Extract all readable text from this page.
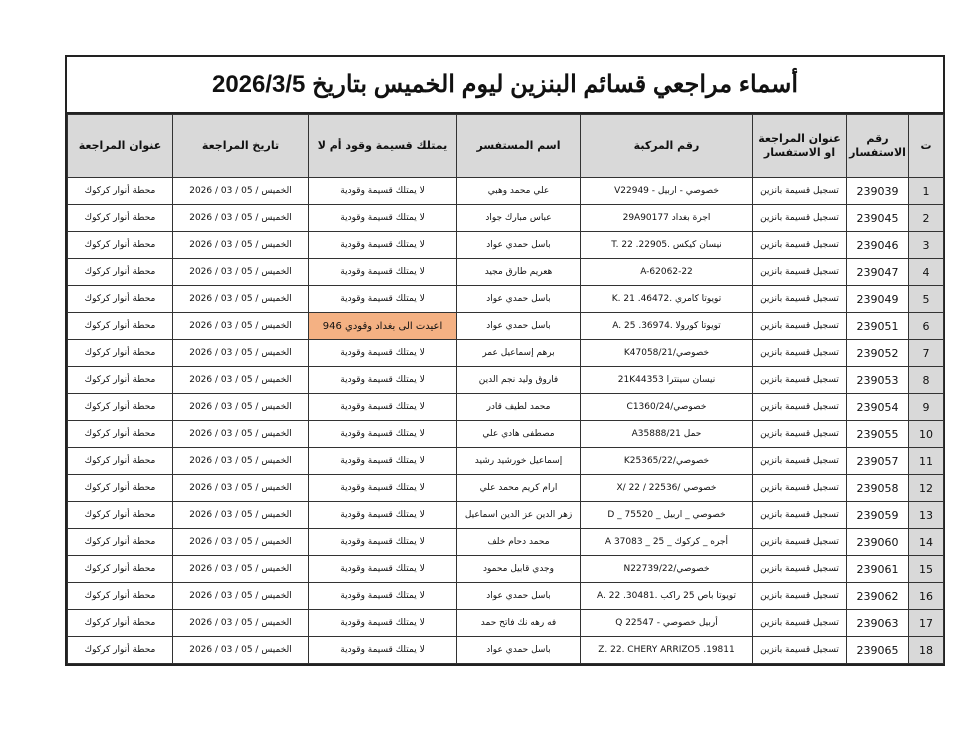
أسماء مراجعي قسائم البنزين ليوم الخميس بتاريخ 2026/3/5
ت	رقم الاستفسار	عنوان المراجعة او الاستفسار	رقم المركبة	اسم المستفسر	يمتلك قسيمة وقود أم لا	تاريخ المراجعة	عنوان المراجعة
1	239039	تسجيل قسيمة بانزين	خصوصي - اربيل - V22949	علي محمد وهبي	لا يمتلك قسيمة وقودية	الخميس / 05 / 03 / 2026	محطة أنوار كركوك
2	239045	تسجيل قسيمة بانزين	اجرة بغداد 29A90177	عباس مبارك جواد	لا يمتلك قسيمة وقودية	الخميس / 05 / 03 / 2026	محطة أنوار كركوك
3	239046	تسجيل قسيمة بانزين	نيسان كيكس .22905. T. 22	باسل حمدي عواد	لا يمتلك قسيمة وقودية	الخميس / 05 / 03 / 2026	محطة أنوار كركوك
4	239047	تسجيل قسيمة بانزين	22-A-62062	هعريم طارق مجيد	لا يمتلك قسيمة وقودية	الخميس / 05 / 03 / 2026	محطة أنوار كركوك
5	239049	تسجيل قسيمة بانزين	تويوتا كامري .46472. K. 21	باسل حمدي عواد	لا يمتلك قسيمة وقودية	الخميس / 05 / 03 / 2026	محطة أنوار كركوك
6	239051	تسجيل قسيمة بانزين	تويوتا كورولا .36974. A. 25	باسل حمدي عواد	اعيدت الى بغداد وقودي 946	الخميس / 05 / 03 / 2026	محطة أنوار كركوك
7	239052	تسجيل قسيمة بانزين	خصوصي/K47058/21	برهم إسماعيل عمر	لا يمتلك قسيمة وقودية	الخميس / 05 / 03 / 2026	محطة أنوار كركوك
8	239053	تسجيل قسيمة بانزين	نيسان سينترا 21K44353	فاروق وليد نجم الدين	لا يمتلك قسيمة وقودية	الخميس / 05 / 03 / 2026	محطة أنوار كركوك
9	239054	تسجيل قسيمة بانزين	خصوصي/C1360/24	محمد لطيف قادر	لا يمتلك قسيمة وقودية	الخميس / 05 / 03 / 2026	محطة أنوار كركوك
10	239055	تسجيل قسيمة بانزين	حمل A35888/21	مصطفى هادي علي	لا يمتلك قسيمة وقودية	الخميس / 05 / 03 / 2026	محطة أنوار كركوك
11	239057	تسجيل قسيمة بانزين	خصوصي/K25365/22	إسماعيل خورشيد رشيد	لا يمتلك قسيمة وقودية	الخميس / 05 / 03 / 2026	محطة أنوار كركوك
12	239058	تسجيل قسيمة بانزين	خصوصي /X/ 22 / 22536	ارام كريم محمد علي	لا يمتلك قسيمة وقودية	الخميس / 05 / 03 / 2026	محطة أنوار كركوك
13	239059	تسجيل قسيمة بانزين	خصوصي _ اربيل _ 75520 _ D	زهر الدين عز الدين اسماعيل	لا يمتلك قسيمة وقودية	الخميس / 05 / 03 / 2026	محطة أنوار كركوك
14	239060	تسجيل قسيمة بانزين	أجره _ كركوك _ 25 _ A 37083	محمد دحام خلف	لا يمتلك قسيمة وقودية	الخميس / 05 / 03 / 2026	محطة أنوار كركوك
15	239061	تسجيل قسيمة بانزين	خصوصي/N22739/22	وجدي قابيل محمود	لا يمتلك قسيمة وقودية	الخميس / 05 / 03 / 2026	محطة أنوار كركوك
16	239062	تسجيل قسيمة بانزين	تويوتا باص 25 راكب .30481. A. 22	باسل حمدي عواد	لا يمتلك قسيمة وقودية	الخميس / 05 / 03 / 2026	محطة أنوار كركوك
17	239063	تسجيل قسيمة بانزين	أربيل خصوصي - Q 22547	فه رهه نك فاتح حمد	لا يمتلك قسيمة وقودية	الخميس / 05 / 03 / 2026	محطة أنوار كركوك
18	239065	تسجيل قسيمة بانزين	19811. Z. 22. CHERY ARRIZO5	باسل حمدي عواد	لا يمتلك قسيمة وقودية	الخميس / 05 / 03 / 2026	محطة أنوار كركوك
